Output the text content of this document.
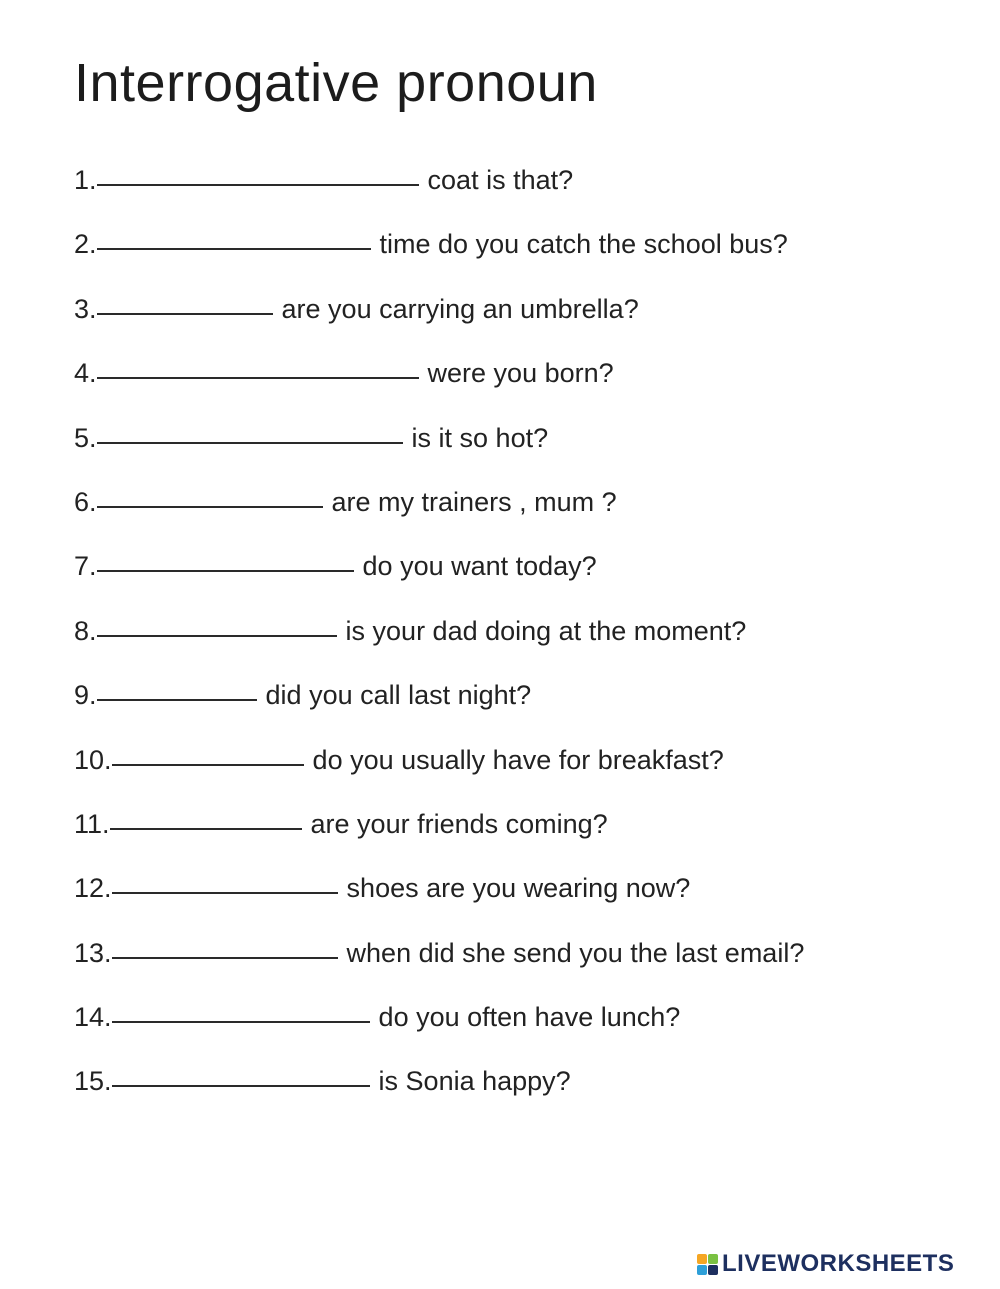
Interrogative pronoun
1.	coat is that?
2.	time do you catch the school bus?
3.	are you carrying an umbrella?
4.	were you born?
5.	is it so hot?
6.	are my trainers , mum ?
7.	do you want today?
8.	is your dad doing at the moment?
9.	did you call last night?
10.	do you usually have for breakfast?
11.	are your friends coming?
12.	shoes are you wearing now?
13.	when did she send you the last email?
14.	do you often have lunch?
15.	is Sonia happy?
LIVEWORKSHEETS
